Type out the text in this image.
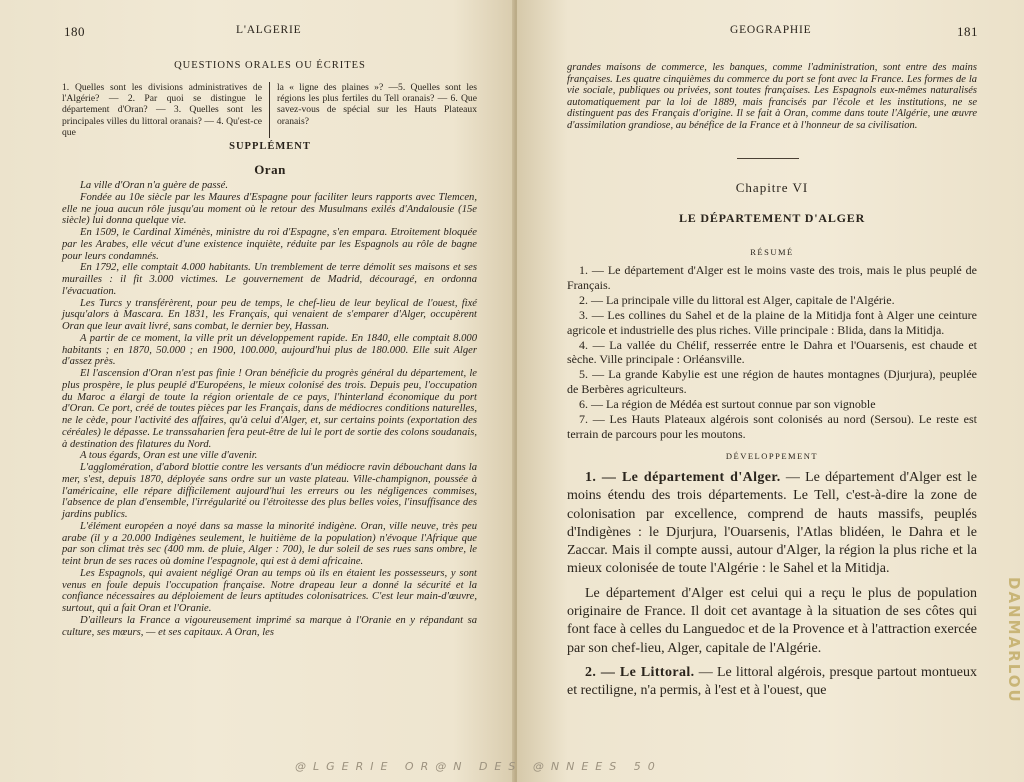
180	L'ALGERIE
QUESTIONS ORALES OU ÉCRITES
1. Quelles sont les divisions administratives de l'Algérie? — 2. Par quoi se distingue le département d'Oran? — 3. Quelles sont les principales villes du littoral oranais? — 4. Qu'est-ce que
la « ligne des plaines »? —5. Quelles sont les régions les plus fertiles du Tell oranais? — 6. Que savez-vous de spécial sur les Hauts Plateaux oranais?
SUPPLÉMENT
Oran

La ville d'Oran n'a guère de passé.

Fondée au 10e siècle par les Maures d'Espagne pour faciliter leurs rapports avec Tlemcen, elle ne joua aucun rôle jusqu'au moment où le retour des Musulmans exilés d'Andalousie (15e siècle) lui donna quelque vie.

En 1509, le Cardinal Ximénès, ministre du roi d'Espagne, s'en empara. Etroitement bloquée par les Arabes, elle vécut d'une existence inquiète, réduite par les Espagnols au rôle de bagne pour leurs condamnés.

En 1792, elle comptait 4.000 habitants. Un tremblement de terre démolit ses maisons et ses murailles : il fit 3.000 victimes. Le gouvernement de Madrid, découragé, en ordonna l'évacuation.

Les Turcs y transférèrent, pour peu de temps, le chef-lieu de leur beylical de l'ouest, fixé jusqu'alors à Mascara. En 1831, les Français, qui venaient de s'emparer d'Alger, occupèrent Oran que leur avait livré, sans combat, le dernier bey, Hassan.

A partir de ce moment, la ville prit un développement rapide. En 1840, elle comptait 8.000 habitants ; en 1870, 50.000 ; en 1900, 100.000, aujourd'hui plus de 180.000. Elle suit Alger d'assez près.

El l'ascension d'Oran n'est pas finie ! Oran bénéficie du progrès général du département, le plus prospère, le plus peuplé d'Européens, le mieux colonisé des trois. Depuis peu, l'occupation du Maroc a élargi de toute la région orientale de ce pays, l'hinterland économique du port d'Oran. Ce port, créé de toutes pièces par les Français, dans de médiocres conditions naturelles, ne le cède, pour l'activité des affaires, qu'à celui d'Alger, et, sur certains points (exportation des céréales) le dépasse. Le transsaharien fera peut-être de lui le port de sortie des colons soudanais, à destination des filatures du Nord.

A tous égards, Oran est une ville d'avenir.

L'agglomération, d'abord blottie contre les versants d'un médiocre ravin débouchant dans la mer, s'est, depuis 1870, déployée sans ordre sur un vaste plateau. Ville-champignon, poussée à l'américaine, elle répare difficilement aujourd'hui les erreurs ou les négligences commises, l'absence de plan d'ensemble, l'irrégularité ou l'étroitesse des plus belles voies, l'insuffisance des jardins publics.

L'élément européen a noyé dans sa masse la minorité indigène. Oran, ville neuve, très peu arabe (il y a 20.000 Indigènes seulement, le huitième de la population) n'évoque l'Afrique que par son climat très sec (400 mm. de pluie, Alger : 700), le dur soleil de ses rues sans ombre, le teint brun de ses races où domine l'espagnole, qui est à demi africaine.

Les Espagnols, qui avaient négligé Oran au temps où ils en étaient les possesseurs, y sont venus en foule depuis l'occupation française. Notre drapeau leur a donné la sécurité et la confiance nécessaires au déploiement de leurs aptitudes colonisatrices. C'est leur main-d'œuvre, surtout, qui a fait Oran et l'Oranie.

D'ailleurs la France a vigoureusement imprimé sa marque à l'Oranie en y répandant sa culture, ses mœurs, — et ses capitaux. A Oran, les

GEOGRAPHIE	181
grandes maisons de commerce, les banques, comme l'administration, sont entre des mains françaises. Les quatre cinquièmes du commerce du port se font avec la France. Les formes de la vie sociale, publiques ou privées, sont toutes françaises. Les Espagnols eux-mêmes naturalisés automatiquement par la loi de 1889, mais francisés par l'école et les institutions, ne se distinguent pas des Français d'origine. Il se fait à Oran, comme dans toute l'Algérie, une œuvre d'assimilation grandiose, au bénéfice de la France et à l'honneur de sa civilisation.
Chapitre VI
LE DÉPARTEMENT D'ALGER
RÉSUMÉ

1. — Le département d'Alger est le moins vaste des trois, mais le plus peuplé de Français.

2. — La principale ville du littoral est Alger, capitale de l'Algérie.

3. — Les collines du Sahel et de la plaine de la Mitidja font à Alger une ceinture agricole et industrielle des plus riches. Ville principale : Blida, dans la Mitidja.

4. — La vallée du Chélif, resserrée entre le Dahra et l'Ouarsenis, est chaude et sèche. Ville principale : Orléansville.

5. — La grande Kabylie est une région de hautes montagnes (Djurjura), peuplée de Berbères agriculteurs.

6. — La région de Médéa est surtout connue par son vignoble

7. — Les Hauts Plateaux algérois sont colonisés au nord (Sersou). Le reste est terrain de parcours pour les moutons.

DÉVELOPPEMENT

1. — Le département d'Alger. — Le département d'Alger est le moins étendu des trois départements. Le Tell, c'est-à-dire la zone de colonisation par excellence, comprend de hauts massifs, peuplés d'Indigènes : le Djurjura, l'Ouarsenis, l'Atlas blidéen, le Dahra et le Zaccar. Mais il compte aussi, autour d'Alger, la région la plus riche et la mieux colonisée de toute l'Algérie : le Sahel et la Mitidja.

Le département d'Alger est celui qui a reçu le plus de population originaire de France. Il doit cet avantage à la situation de ses côtes qui font face à celles du Languedoc et de la Provence et à l'attraction exercée par son chef-lieu, Alger, capitale de l'Algérie.

2. — Le Littoral. — Le littoral algérois, presque partout montueux et rectiligne, n'a permis, à l'est et à l'ouest, que	DANMARLOU
@LGERIE OR@N DES @NNEES 50
